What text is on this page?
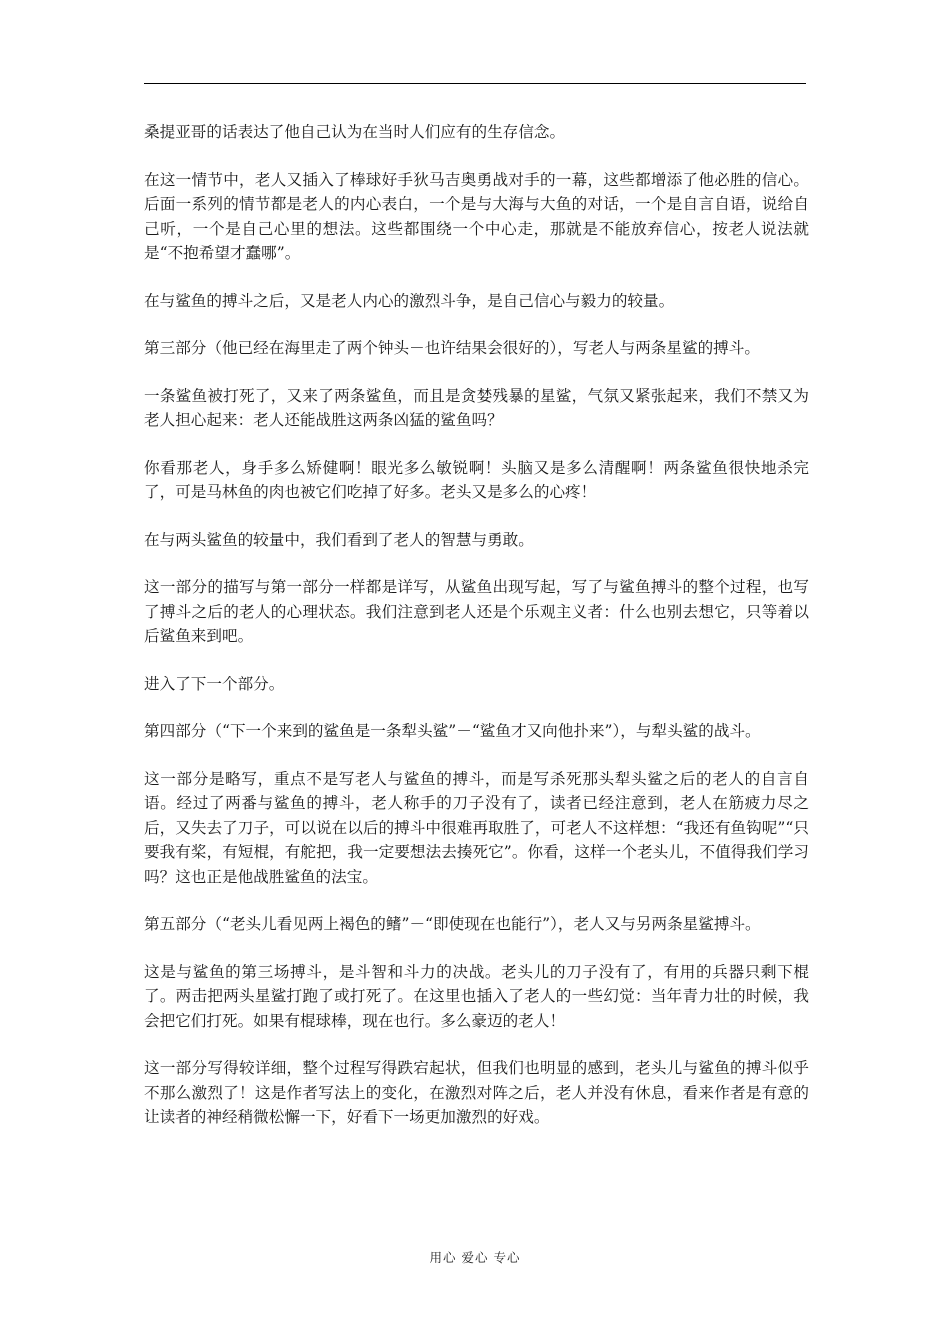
桑提亚哥的话表达了他自己认为在当时人们应有的生存信念。

在这一情节中，老人又插入了棒球好手狄马吉奥勇战对手的一幕，这些都增添了他必胜的信心。后面一系列的情节都是老人的内心表白，一个是与大海与大鱼的对话，一个是自言自语，说给自己听，一个是自己心里的想法。这些都围绕一个中心走，那就是不能放弃信心，按老人说法就是“不抱希望才蠢哪”。

在与鲨鱼的搏斗之后，又是老人内心的激烈斗争，是自己信心与毅力的较量。

第三部分（他已经在海里走了两个钟头－也许结果会很好的），写老人与两条星鲨的搏斗。

一条鲨鱼被打死了，又来了两条鲨鱼，而且是贪婪残暴的星鲨，气氛又紧张起来，我们不禁又为老人担心起来：老人还能战胜这两条凶猛的鲨鱼吗？

你看那老人，身手多么矫健啊！眼光多么敏锐啊！头脑又是多么清醒啊！两条鲨鱼很快地杀完了，可是马林鱼的肉也被它们吃掉了好多。老头又是多么的心疼！

在与两头鲨鱼的较量中，我们看到了老人的智慧与勇敢。

这一部分的描写与第一部分一样都是详写，从鲨鱼出现写起，写了与鲨鱼搏斗的整个过程，也写了搏斗之后的老人的心理状态。我们注意到老人还是个乐观主义者：什么也别去想它，只等着以后鲨鱼来到吧。

进入了下一个部分。

第四部分（“下一个来到的鲨鱼是一条犁头鲨”－“鲨鱼才又向他扑来”），与犁头鲨的战斗。

这一部分是略写，重点不是写老人与鲨鱼的搏斗，而是写杀死那头犁头鲨之后的老人的自言自语。经过了两番与鲨鱼的搏斗，老人称手的刀子没有了，读者已经注意到，老人在筋疲力尽之后，又失去了刀子，可以说在以后的搏斗中很难再取胜了，可老人不这样想：“我还有鱼钩呢”“只要我有桨，有短棍，有舵把，我一定要想法去揍死它”。你看，这样一个老头儿，不值得我们学习吗？这也正是他战胜鲨鱼的法宝。

第五部分（“老头儿看见两上褐色的鳍”－“即使现在也能行”），老人又与另两条星鲨搏斗。

这是与鲨鱼的第三场搏斗，是斗智和斗力的决战。老头儿的刀子没有了，有用的兵器只剩下棍了。两击把两头星鲨打跑了或打死了。在这里也插入了老人的一些幻觉：当年青力壮的时候，我会把它们打死。如果有棍球棒，现在也行。多么豪迈的老人！

这一部分写得较详细，整个过程写得跌宕起状，但我们也明显的感到，老头儿与鲨鱼的搏斗似乎不那么激烈了！这是作者写法上的变化，在激烈对阵之后，老人并没有休息，看来作者是有意的让读者的神经稍微松懈一下，好看下一场更加激烈的好戏。

用心 爱心 专心
